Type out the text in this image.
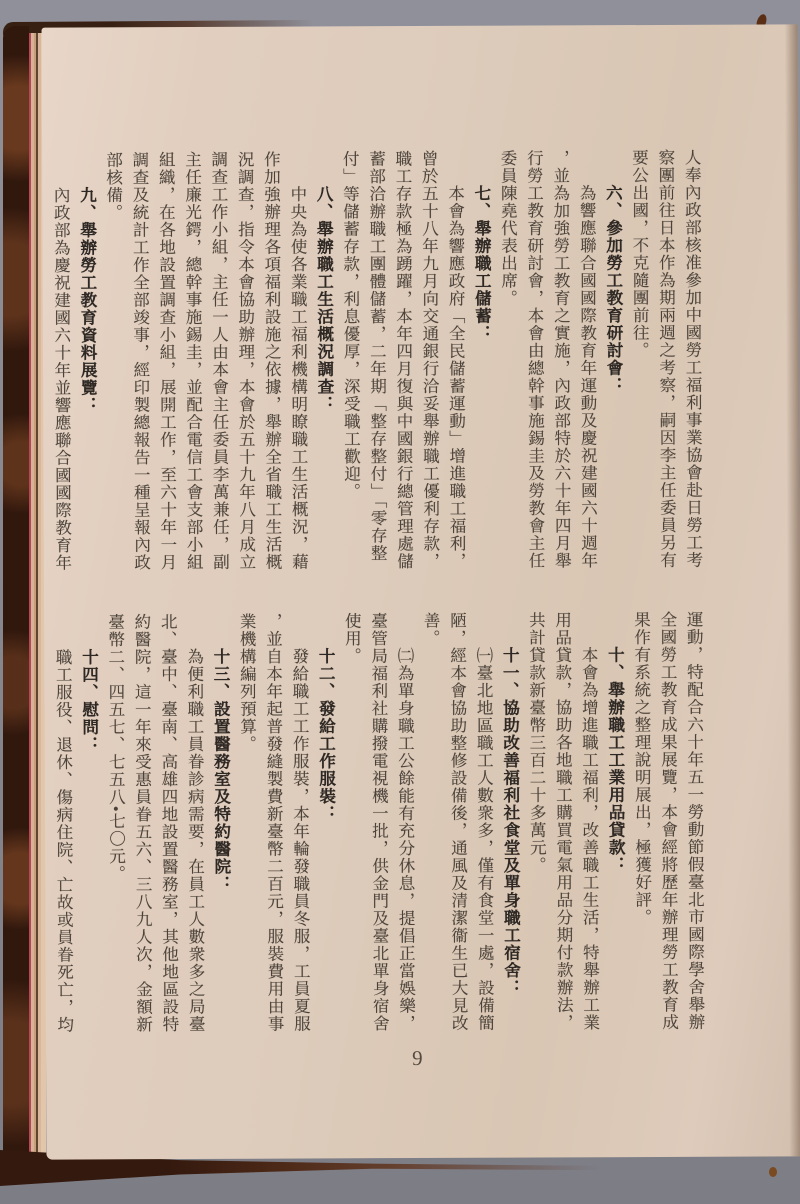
人奉內政部核准參加中國勞工福利事業協會赴日勞工考
察團前往日本作為期兩週之考察，嗣因李主任委員另有
要公出國，不克隨團前往。
　　六、參加勞工教育研討會：
　　為響應聯合國國際教育年運動及慶祝建國六十週年
，並為加強勞工教育之實施，內政部特於六十年四月舉
行勞工教育研討會，本會由總幹事施錫圭及勞教會主任
委員陳堯代表出席。
　　七、舉辦職工儲蓄：
　　本會為響應政府「全民儲蓄運動」增進職工福利，
曾於五十八年九月向交通銀行洽妥舉辦職工優利存款，
職工存款極為踴躍，本年四月復與中國銀行總管理處儲
蓄部洽辦職工團體儲蓄，二年期「整存整付」「零存整
付」等儲蓄存款，利息優厚，深受職工歡迎。
　　八、舉辦職工生活概況調查：
　　中央為使各業職工福利機構明瞭職工生活概況，藉
作加強辦理各項福利設施之依據，舉辦全省職工生活概
況調查，指令本會協助辦理，本會於五十九年八月成立
調查工作小組，主任一人由本會主任委員李萬兼任，副
主任廉光鍔，總幹事施錫圭，並配合電信工會支部小組
組織，在各地設置調查小組，展開工作，至六十年一月
調查及統計工作全部竣事，經印製總報告一種呈報內政
部核備。
　　九、舉辦勞工教育資料展覽：
　　內政部為慶祝建國六十年並響應聯合國國際教育年
運動，特配合六十年五一勞動節假臺北市國際學舍舉辦
全國勞工教育成果展覽，本會經將歷年辦理勞工教育成
果作有系統之整理說明展出，極獲好評。
　　十、舉辦職工工業用品貸款：
　　本會為增進職工福利，改善職工生活，特舉辦工業
用品貸款，協助各地職工購買電氣用品分期付款辦法，
共計貸款新臺幣三百二十多萬元。
　　十一、協助改善福利社食堂及單身職工宿舍：
　　㈠臺北地區職工人數衆多，僅有食堂一處，設備簡
陋，經本會協助整修設備後，通風及清潔衞生已大見改
善。
　　㈡為單身職工公餘能有充分休息，提倡正當娛樂，
臺管局福利社購撥電視機一批，供金門及臺北單身宿舍
使用。
　　十二、發給工作服裝：
　　發給職工工作服裝，本年輪發職員冬服，工員夏服
，並自本年起普發縫製費新臺幣二百元，服裝費用由事
業機構編列預算。
　　十三、設置醫務室及特約醫院：
　　為便利職工員眷診病需要，在員工人數衆多之局臺
北、臺中、臺南、高雄四地設置醫務室，其他地區設特
約醫院，這一年來受惠員眷五六、三八九人次，金額新
臺幣二、四五七、七五八•七〇元。
　　十四、慰問：
　　職工服役、退休、傷病住院、亡故或員眷死亡，均
9
